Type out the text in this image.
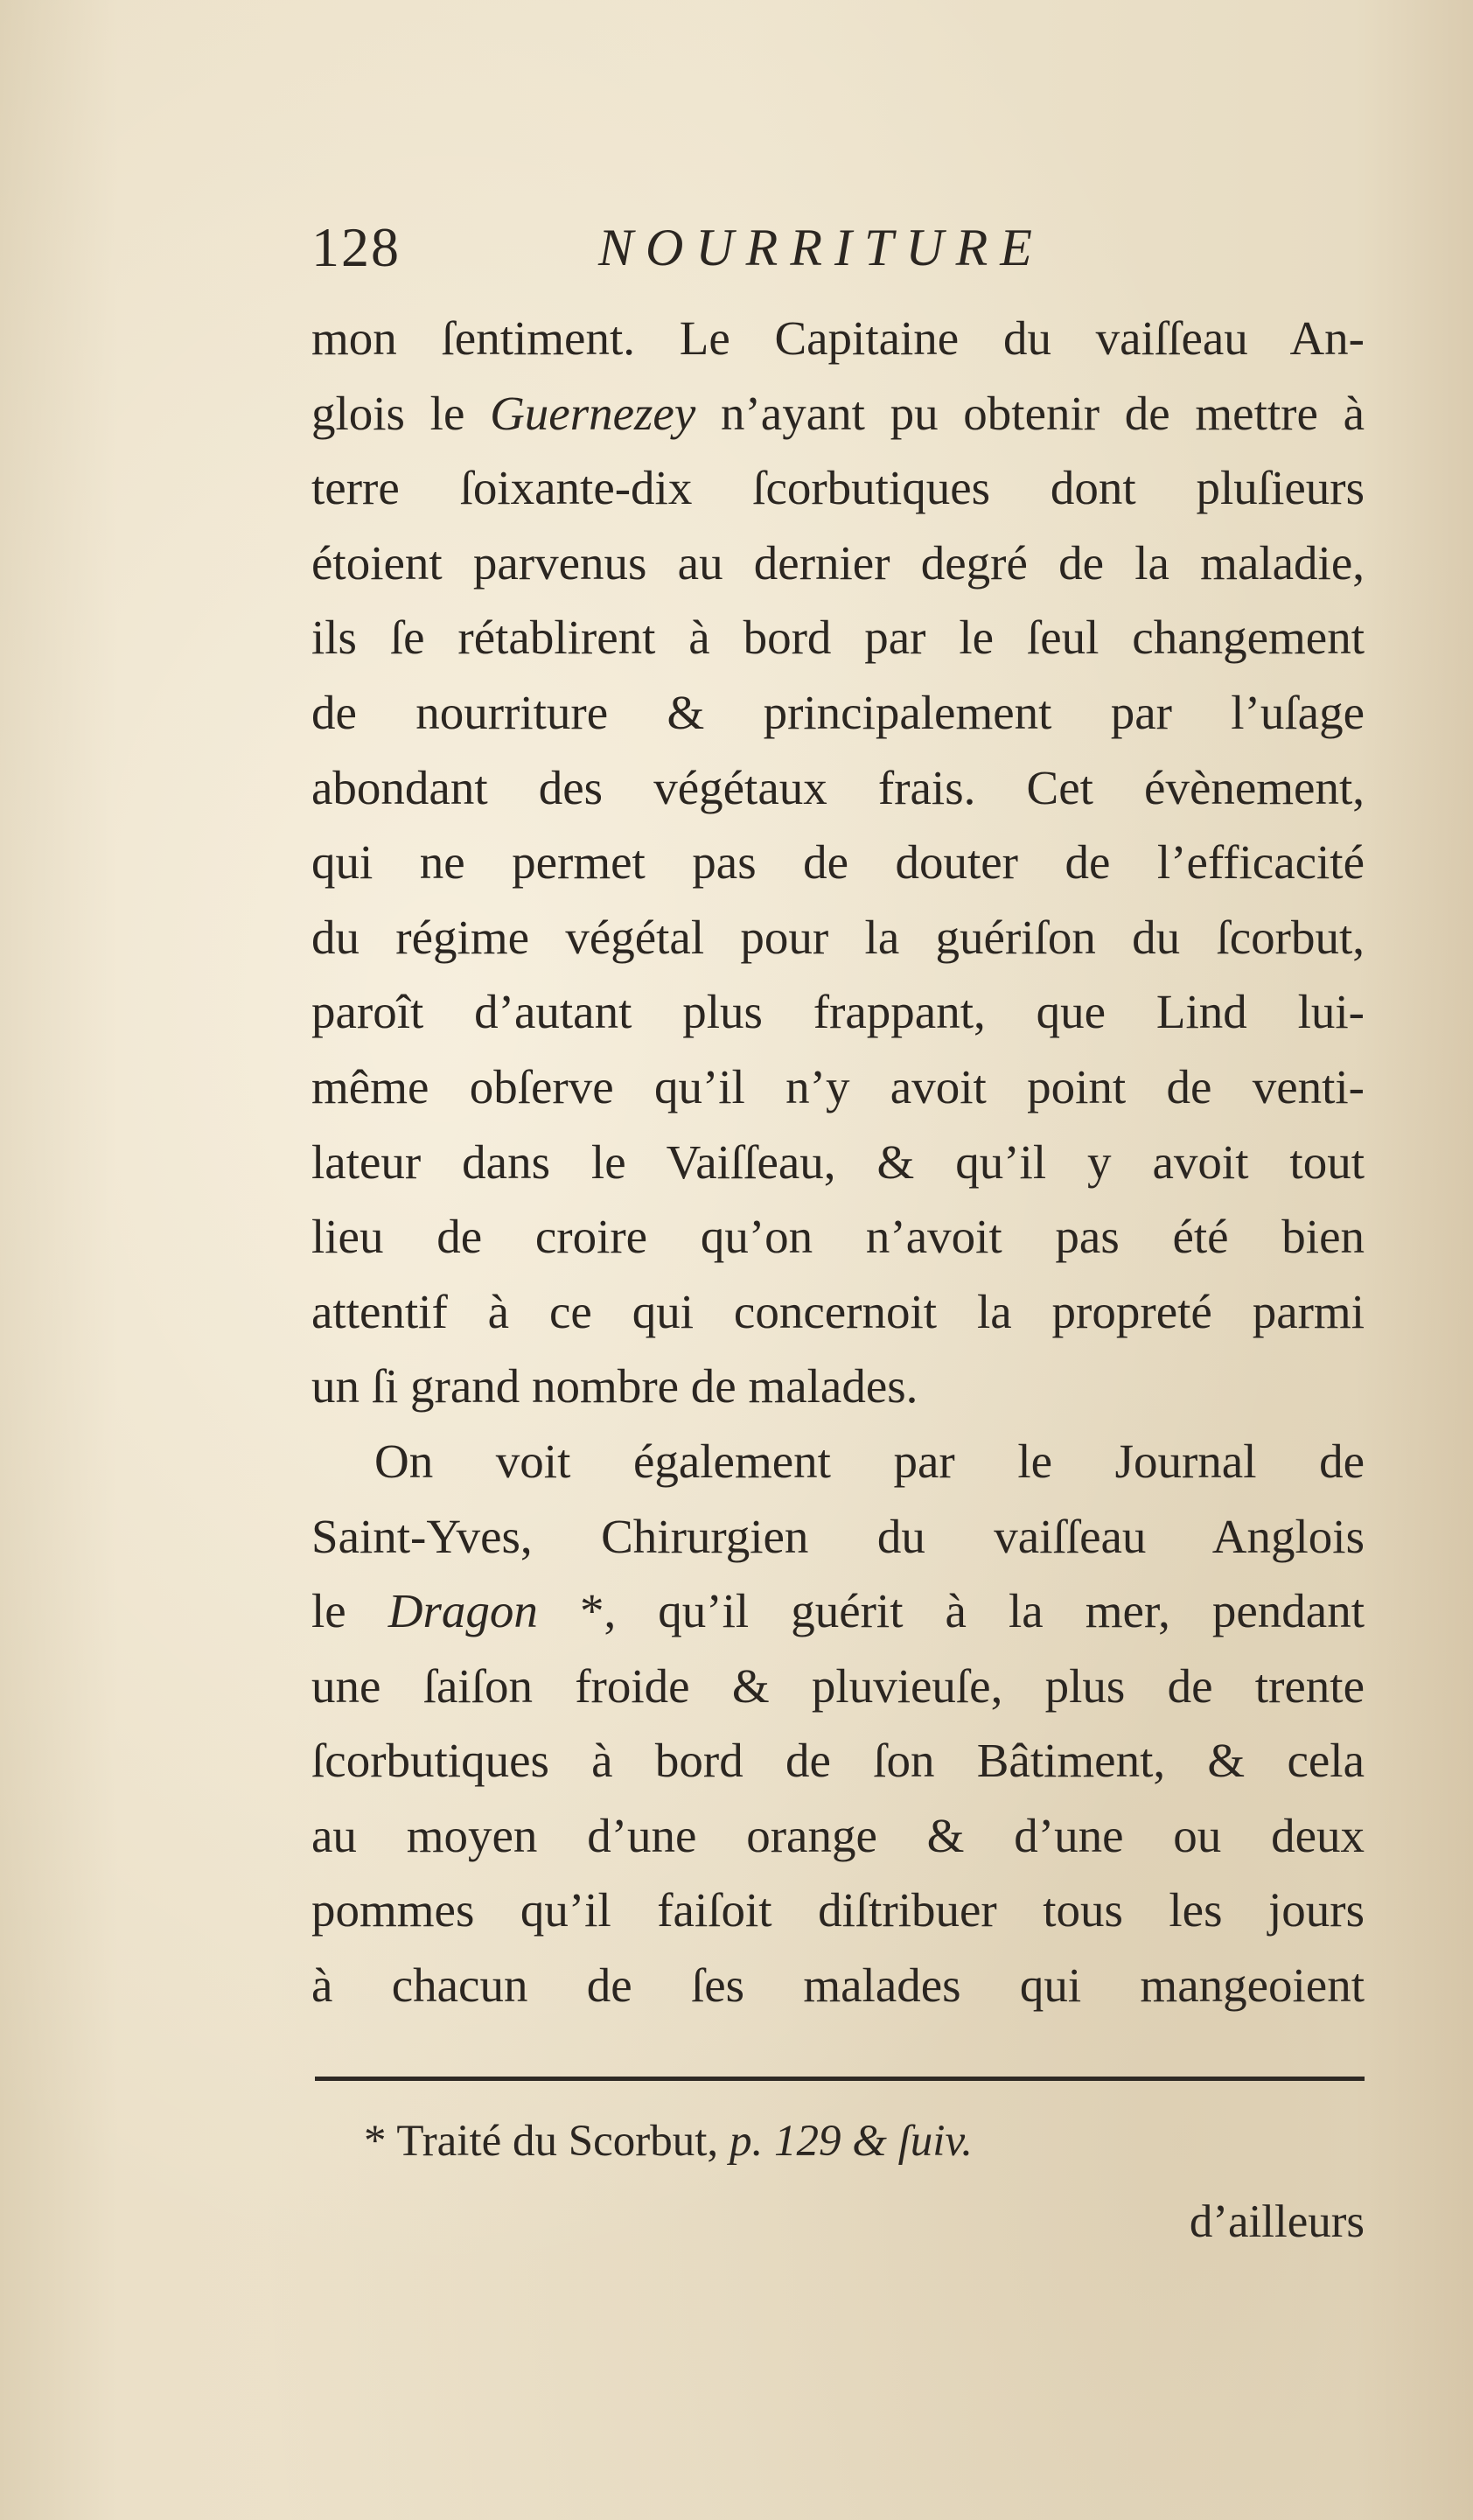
128	NOURRITURE
mon ſentiment. Le Capitaine du vaiſſeau An-
glois le Guernezey n’ayant pu obtenir de mettre à
terre ſoixante-dix ſcorbutiques dont pluſieurs
étoient parvenus au dernier degré de la maladie,
ils ſe rétablirent à bord par le ſeul changement
de nourriture & principalement par l’uſage
abondant des végétaux frais. Cet évènement,
qui ne permet pas de douter de l’efficacité
du régime végétal pour la guériſon du ſcorbut,
paroît d’autant plus frappant, que Lind lui-
même obſerve qu’il n’y avoit point de venti-
lateur dans le Vaiſſeau, & qu’il y avoit tout
lieu de croire qu’on n’avoit pas été bien
attentif à ce qui concernoit la propreté parmi
un ſi grand nombre de malades.
On voit également par le Journal de
Saint-Yves, Chirurgien du vaiſſeau Anglois
le Dragon *, qu’il guérit à la mer, pendant
une ſaiſon froide & pluvieuſe, plus de trente
ſcorbutiques à bord de ſon Bâtiment, & cela
au moyen d’une orange & d’une ou deux
pommes qu’il faiſoit diſtribuer tous les jours
à chacun de ſes malades qui mangeoient
* Traité du Scorbut, p. 129 & ſuiv.
d’ailleurs
